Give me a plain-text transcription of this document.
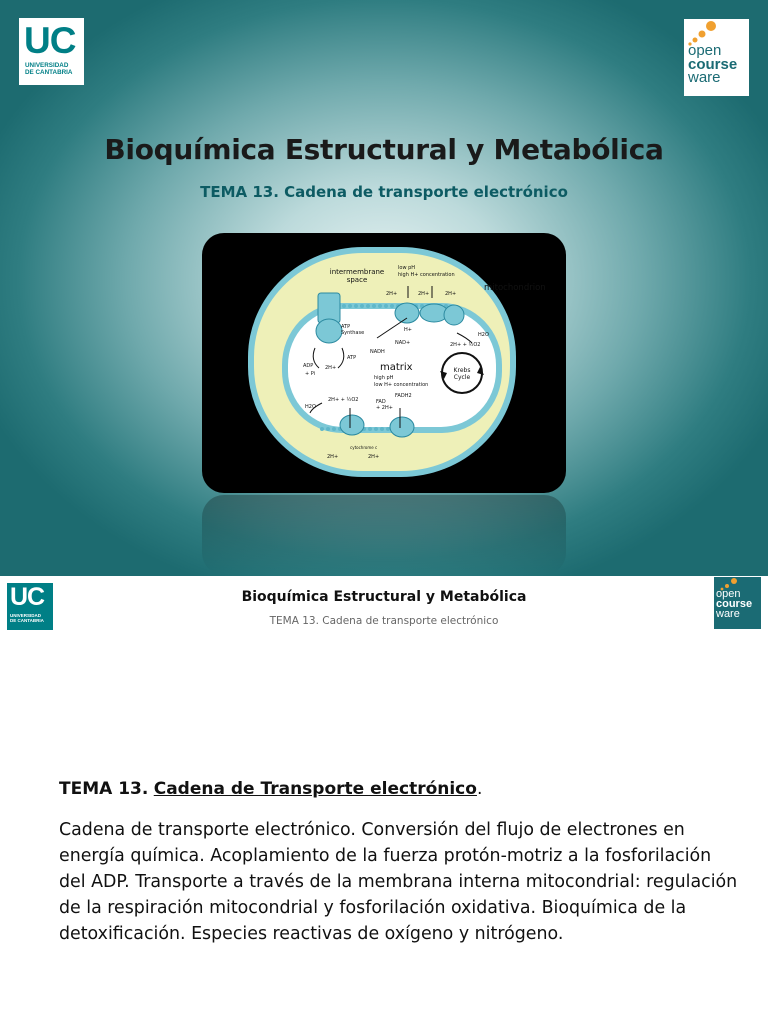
UC
UNIVERSIDAD
DE CANTABRIA
open
course
ware
Bioquímica Estructural y Metabólica
TEMA 13. Cadena de transporte electrónico
intermembrane
space
low pH
high H+ concentration
mitochondrion
ATP
Synthase
ATP
ADP
+ Pi
2H+
NADH
NAD+
H+
matrix
high pH
low H+ concentration
Krebs
Cycle
2H+	2H+	2H+
H2O
2H+ + ½O2
2H+ + ½O2
H2O
FAD
+ 2H+
FADH2
cytochrome c
2H+	2H+
UC
UNIVERSIDAD
DE CANTABRIA
Bioquímica Estructural y Metabólica
TEMA 13. Cadena de transporte electrónico
open
course
ware
TEMA 13. Cadena de Transporte electrónico.
Cadena de transporte electrónico. Conversión del flujo de electrones en energía química. Acoplamiento de la fuerza protón-motriz a la fosforilación del ADP. Transporte a través de la membrana interna mitocondrial: regulación de la respiración mitocondrial y fosforilación oxidativa. Bioquímica de la detoxificación. Especies reactivas de oxígeno y nitrógeno.
